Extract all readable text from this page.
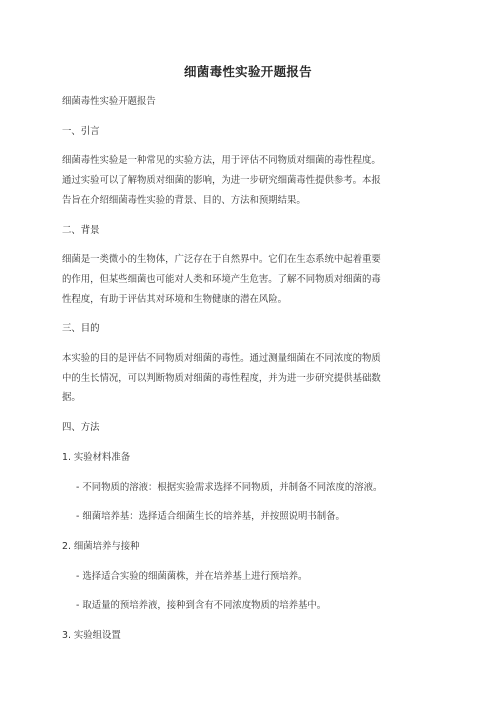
细菌毒性实验开题报告
细菌毒性实验开题报告
一、引言
细菌毒性实验是一种常见的实验方法，用于评估不同物质对细菌的毒性程度。
通过实验可以了解物质对细菌的影响，为进一步研究细菌毒性提供参考。本报
告旨在介绍细菌毒性实验的背景、目的、方法和预期结果。
二、背景
细菌是一类微小的生物体，广泛存在于自然界中。它们在生态系统中起着重要
的作用，但某些细菌也可能对人类和环境产生危害。了解不同物质对细菌的毒
性程度，有助于评估其对环境和生物健康的潜在风险。
三、目的
本实验的目的是评估不同物质对细菌的毒性。通过测量细菌在不同浓度的物质
中的生长情况，可以判断物质对细菌的毒性程度，并为进一步研究提供基础数
据。
四、方法
1. 实验材料准备
- 不同物质的溶液：根据实验需求选择不同物质，并制备不同浓度的溶液。
- 细菌培养基：选择适合细菌生长的培养基，并按照说明书制备。
2. 细菌培养与接种
- 选择适合实验的细菌菌株，并在培养基上进行预培养。
- 取适量的预培养液，接种到含有不同浓度物质的培养基中。
3. 实验组设置
